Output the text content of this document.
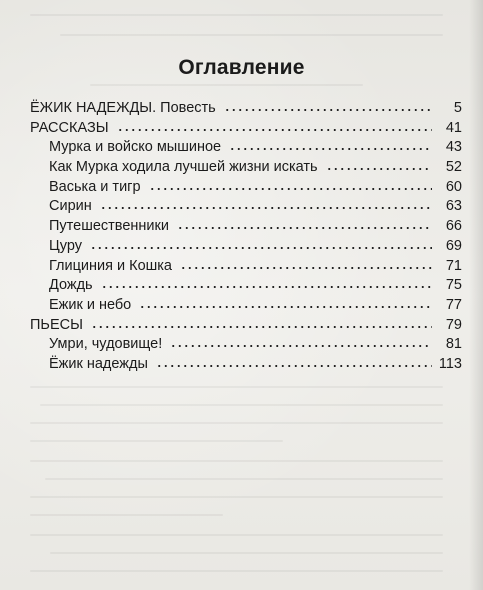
Оглавление
ЁЖИК НАДЕЖДЫ. Повесть	5
РАССКАЗЫ	41
Мурка и войско мышиное	43
Как Мурка ходила лучшей жизни искать	52
Васька и тигр	60
Сирин	63
Путешественники	66
Цуру	69
Глициния и Кошка	71
Дождь	75
Ежик и небо	77
ПЬЕСЫ	79
Умри, чудовище!	81
Ёжик надежды	113
